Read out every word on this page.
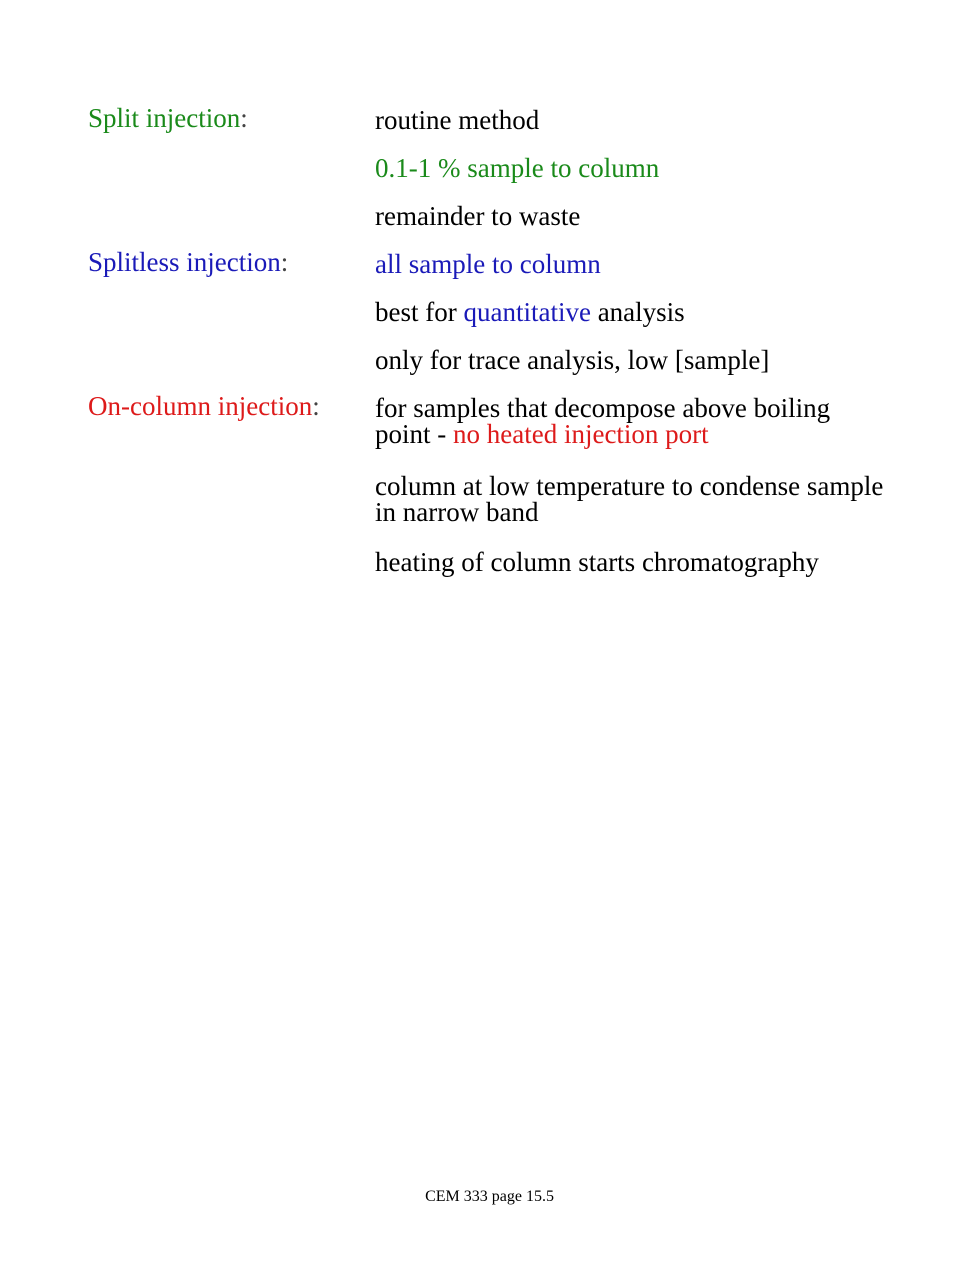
Split injection:	routine method
0.1-1 % sample to column
remainder to waste
Splitless injection:	all sample to column
best for quantitative analysis
only for trace analysis, low [sample]
On-column injection: for samples that decompose above boiling point - no heated injection port
column at low temperature to condense sample in narrow band
heating of column starts chromatography
CEM 333 page 15.5
